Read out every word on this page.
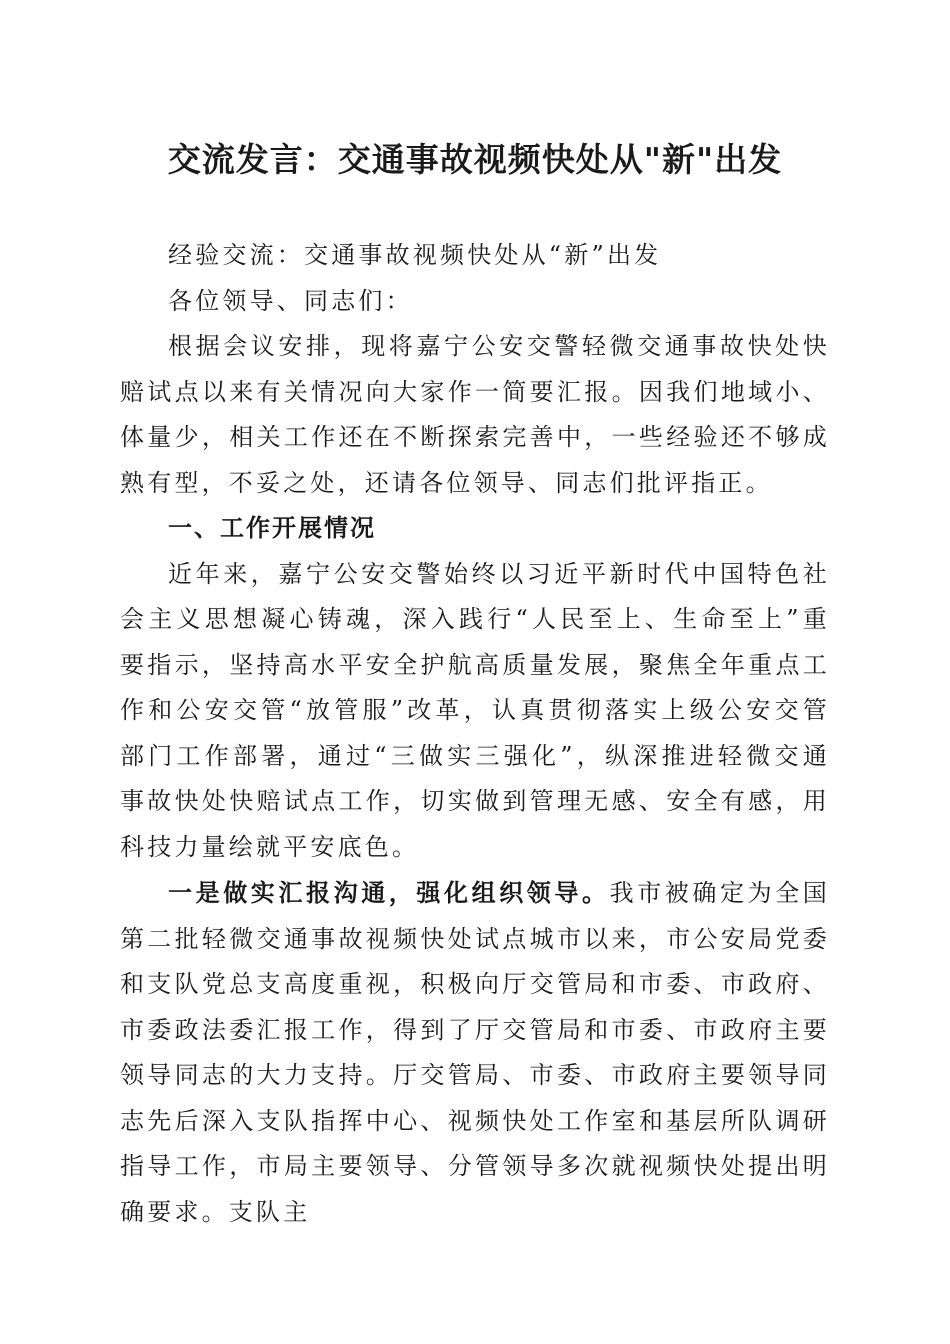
交流发言：交通事故视频快处从"新"出发

经验交流：交通事故视频快处从“新”出发

各位领导、同志们：

根据会议安排，现将嘉宁公安交警轻微交通事故快处快赔试点以来有关情况向大家作一简要汇报。因我们地域小、体量少，相关工作还在不断探索完善中，一些经验还不够成熟有型，不妥之处，还请各位领导、同志们批评指正。

一、工作开展情况

近年来，嘉宁公安交警始终以习近平新时代中国特色社会主义思想凝心铸魂，深入践行“人民至上、生命至上”重要指示，坚持高水平安全护航高质量发展，聚焦全年重点工作和公安交管“放管服”改革，认真贯彻落实上级公安交管部门工作部署，通过“三做实三强化”，纵深推进轻微交通事故快处快赔试点工作，切实做到管理无感、安全有感，用科技力量绘就平安底色。

一是做实汇报沟通，强化组织领导。我市被确定为全国第二批轻微交通事故视频快处试点城市以来，市公安局党委和支队党总支高度重视，积极向厅交管局和市委、市政府、市委政法委汇报工作，得到了厅交管局和市委、市政府主要领导同志的大力支持。厅交管局、市委、市政府主要领导同志先后深入支队指挥中心、视频快处工作室和基层所队调研指导工作，市局主要领导、分管领导多次就视频快处提出明确要求。支队主
